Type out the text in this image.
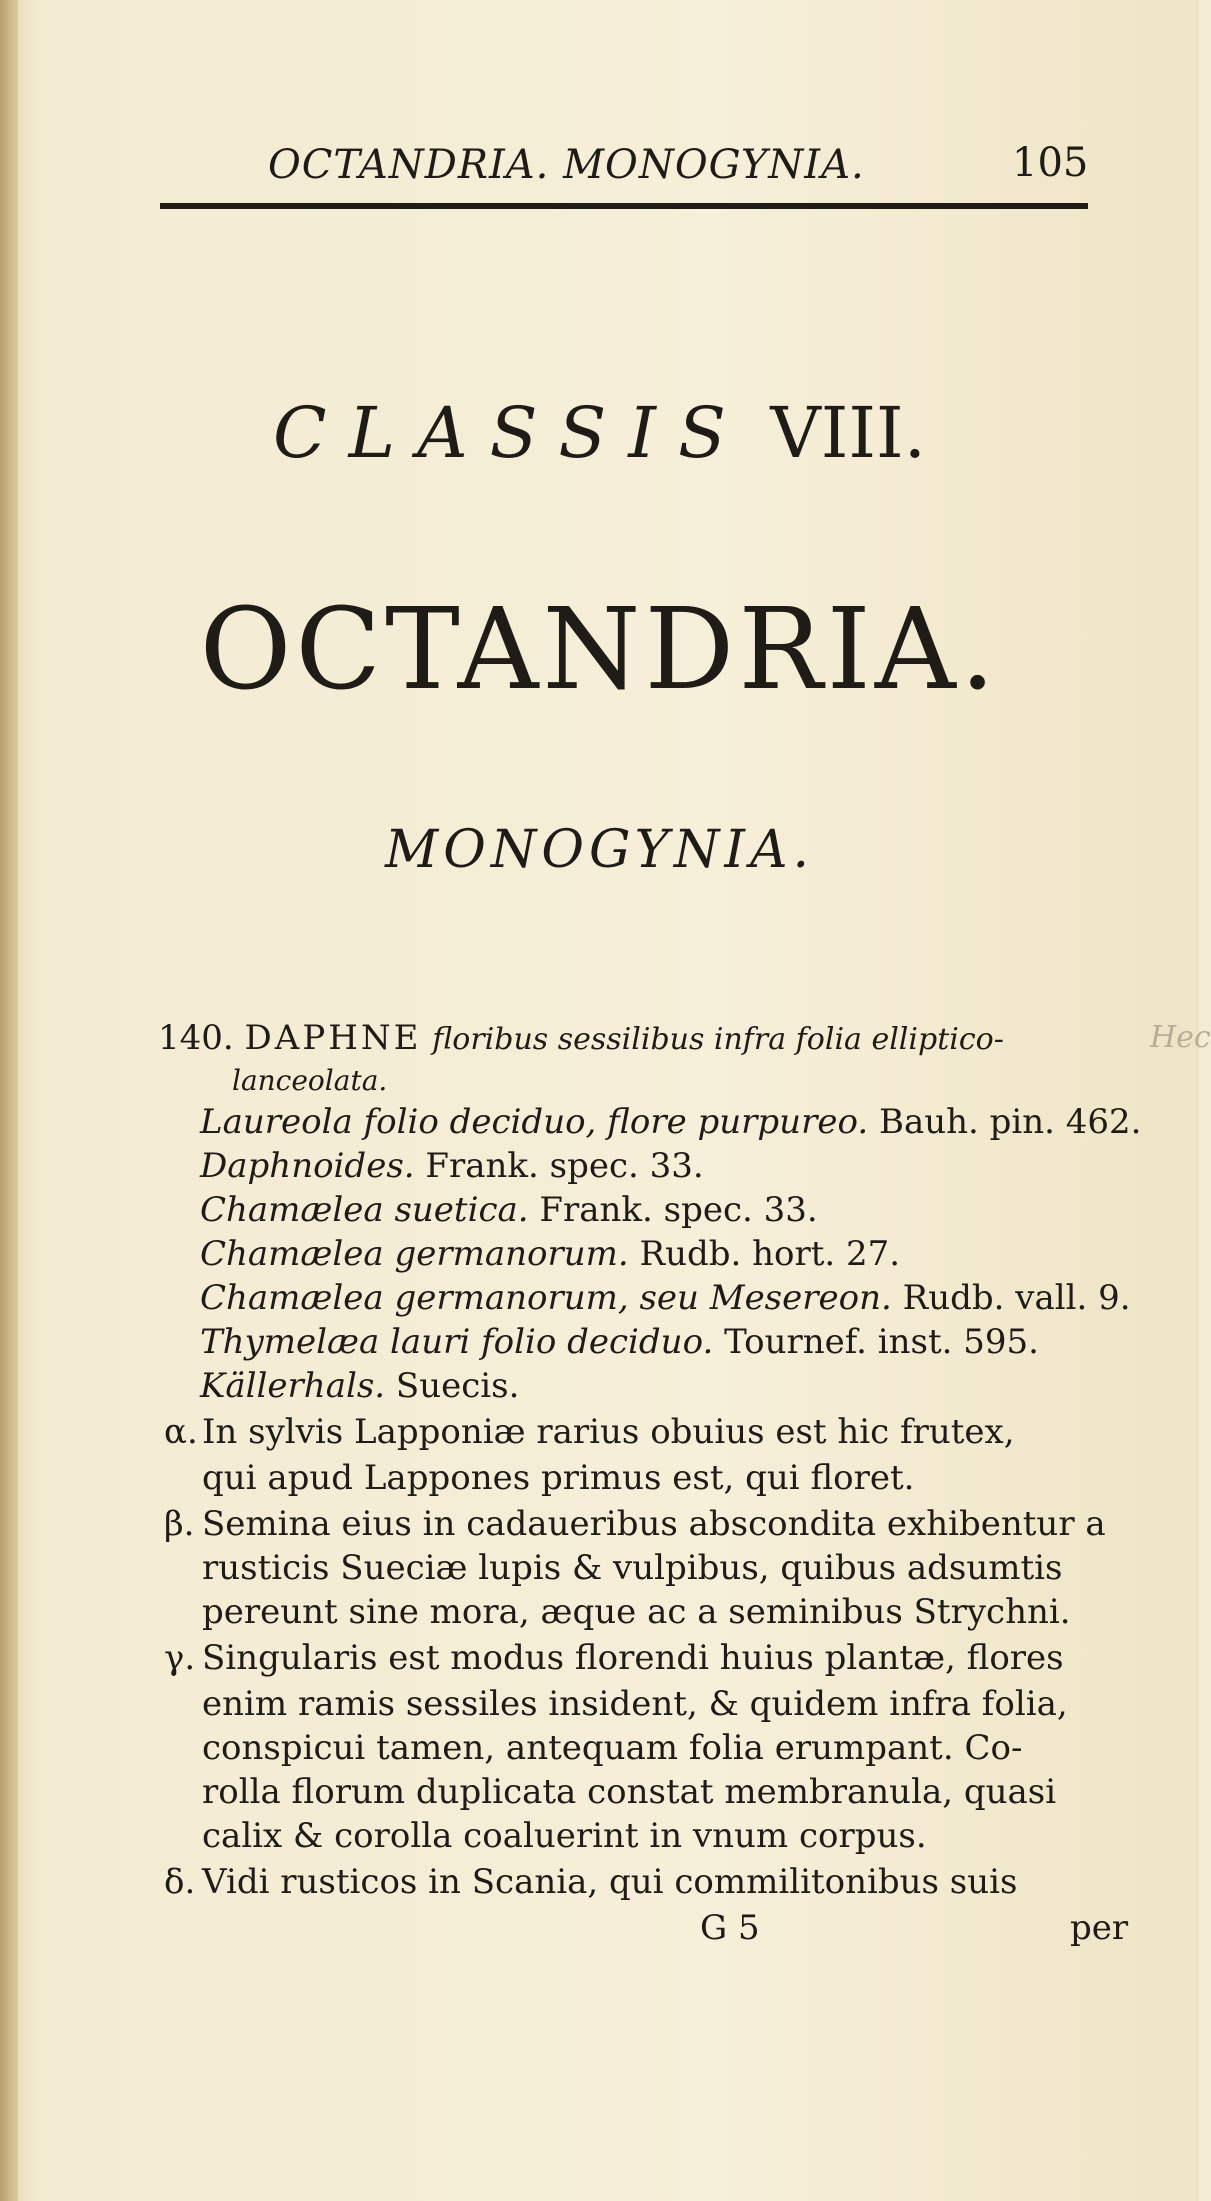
OCTANDRIA. MONOGYNIA.	105
CLASSIS VIII.
OCTANDRIA.
MONOGYNIA.
140. DAPHNE floribus sessilibus infra folia elliptico-
lanceolata.
Laureola folio deciduo, flore purpureo. Bauh. pin. 462.
Daphnoides. Frank. spec. 33.
Chamælea suetica. Frank. spec. 33.
Chamælea germanorum. Rudb. hort. 27.
Chamælea germanorum, seu Mesereon. Rudb. vall. 9.
Thymelæa lauri folio deciduo. Tournef. inst. 595.
Källerhals. Suecis.
α. In sylvis Lapponiæ rarius obuius est hic frutex,
qui apud Lappones primus est, qui floret.
β. Semina eius in cadaueribus abscondita exhibentur a
rusticis Sueciæ lupis & vulpibus, quibus adsumtis
pereunt sine mora, æque ac a seminibus Strychni.
γ. Singularis est modus florendi huius plantæ, flores
enim ramis sessiles insident, & quidem infra folia,
conspicui tamen, antequam folia erumpant. Co-
rolla florum duplicata constat membranula, quasi
calix & corolla coaluerint in vnum corpus.
δ. Vidi rusticos in Scania, qui commilitonibus suis
G 5	per
Hec
